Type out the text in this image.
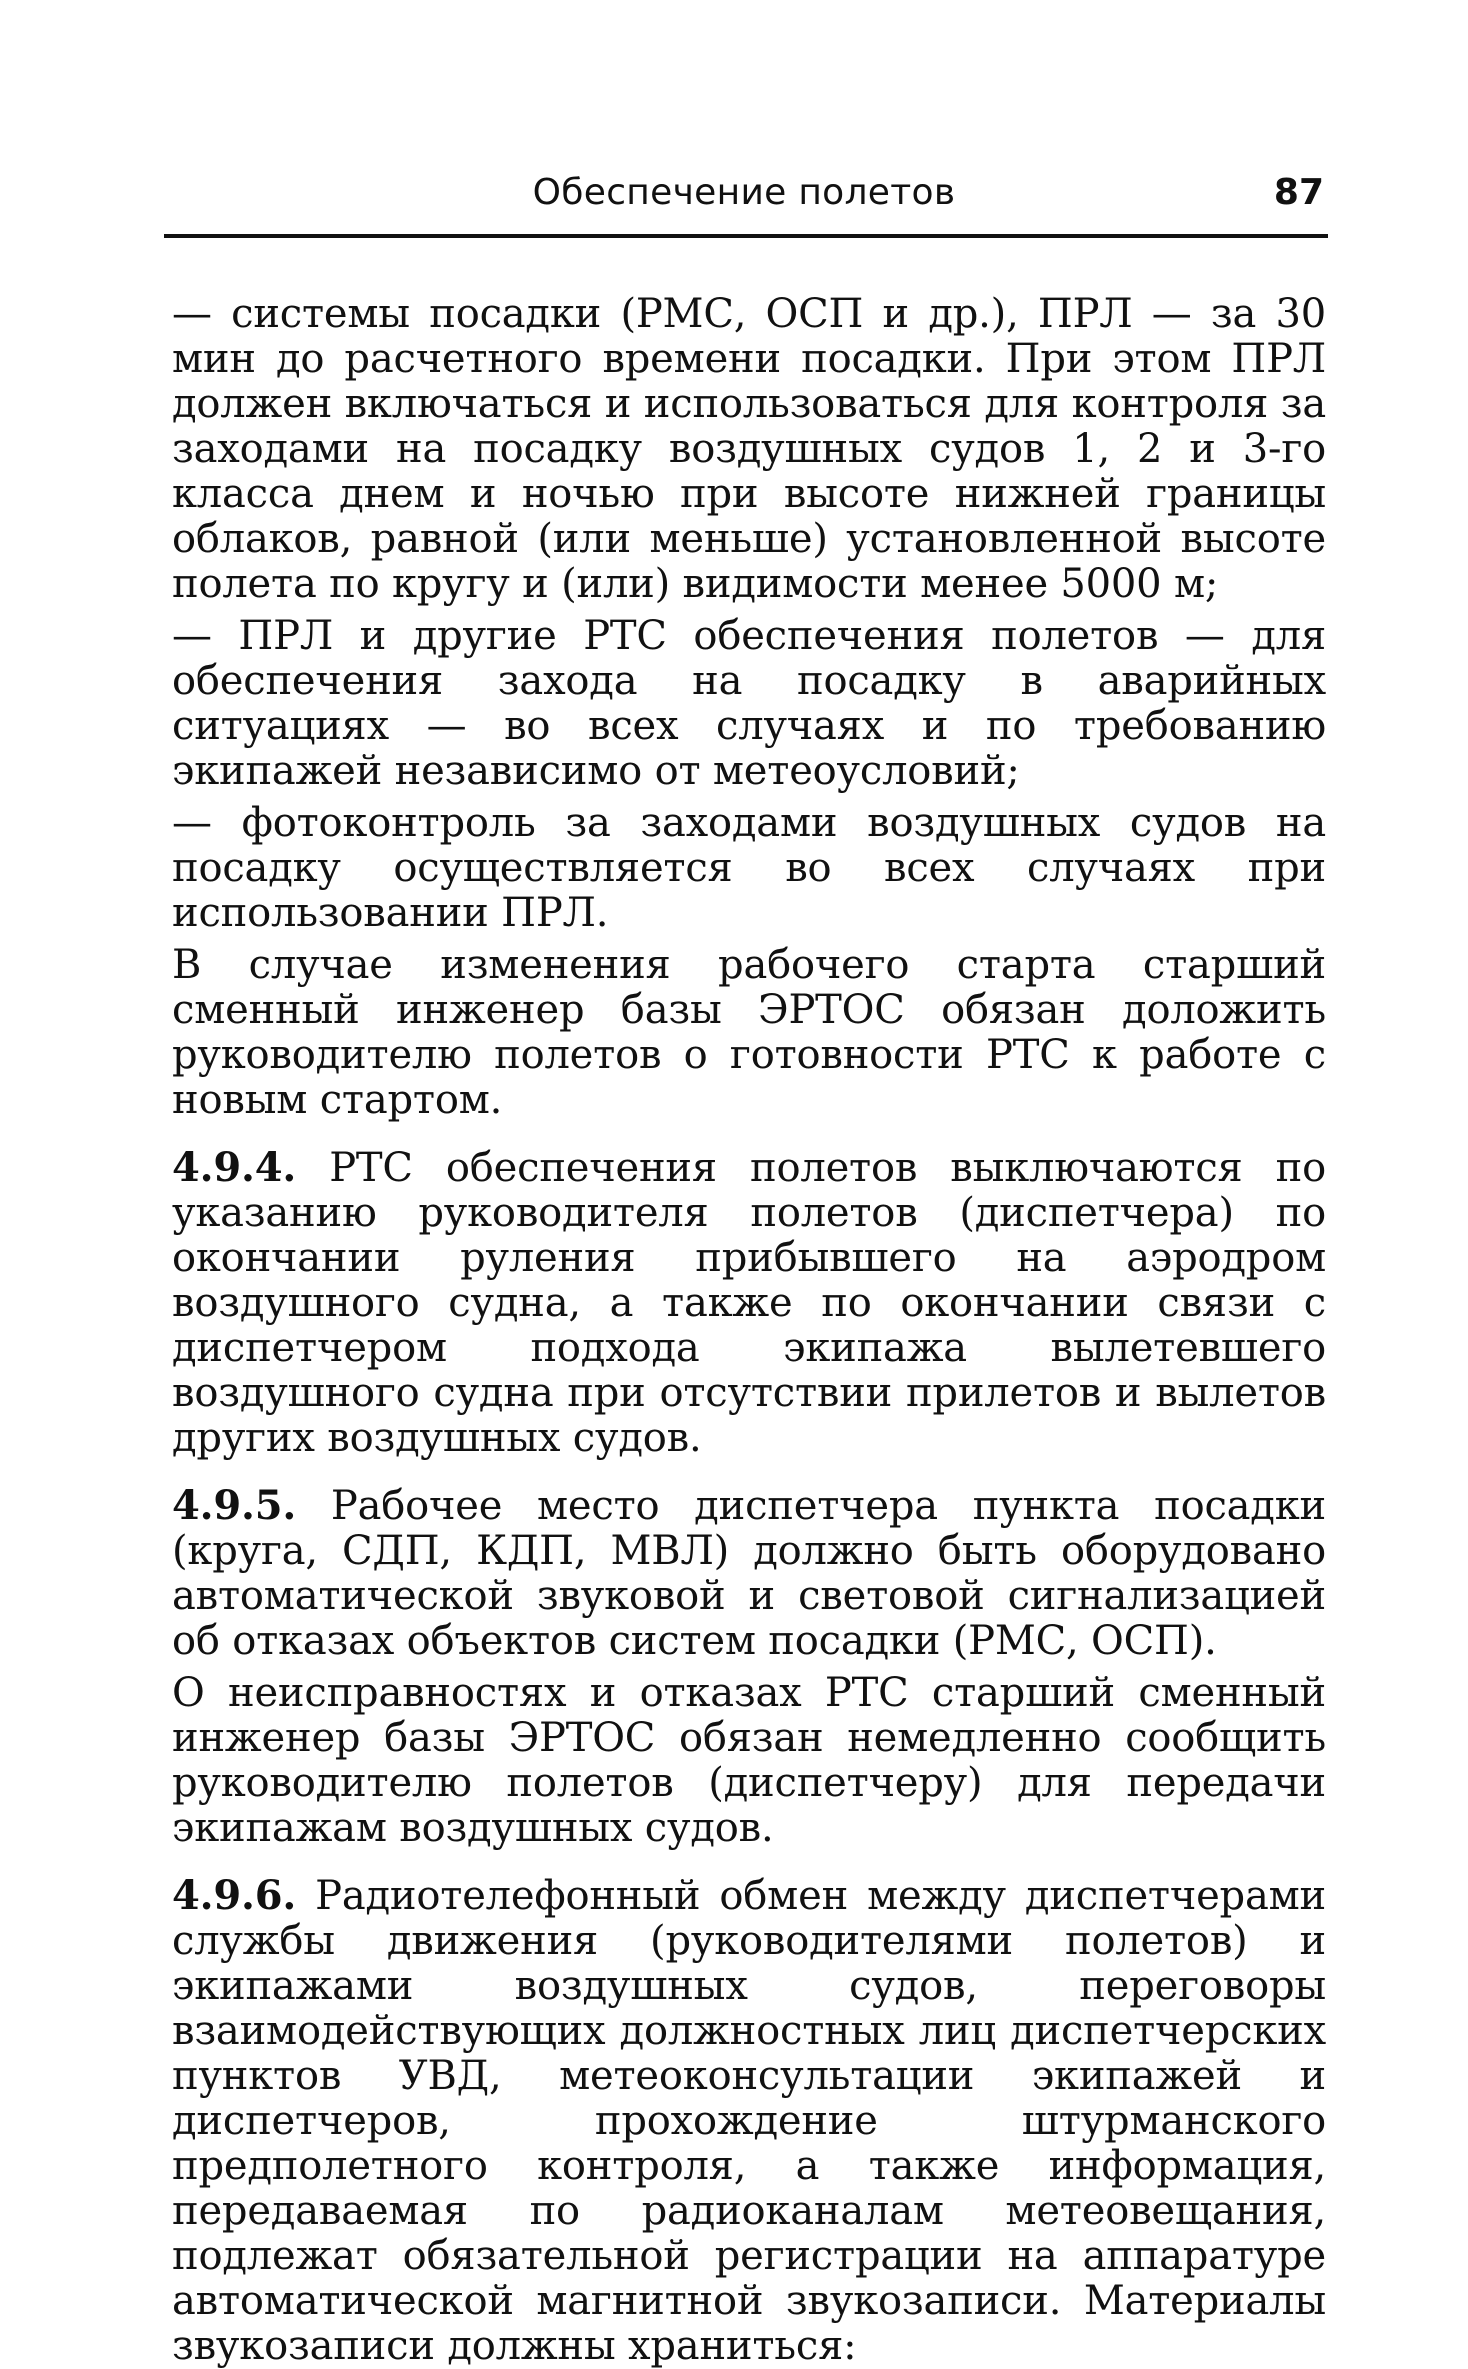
Обеспечение полетов	87

— системы посадки (РМС, ОСП и др.), ПРЛ — за 30 мин до расчетного времени посадки. При этом ПРЛ должен включаться и использоваться для контроля за заходами на посадку воздушных судов 1, 2 и 3-го класса днем и ночью при высоте нижней границы облаков, равной (или меньше) установленной высоте полета по кругу и (или) видимости менее 5000 м;

— ПРЛ и другие РТС обеспечения полетов — для обеспечения захода на посадку в аварийных ситуациях — во всех случаях и по требованию экипажей независимо от метеоусловий;

— фотоконтроль за заходами воздушных судов на посадку осуществляется во всех случаях при использовании ПРЛ.

В случае изменения рабочего старта старший сменный инженер базы ЭРТОС обязан доложить руководителю полетов о готовности РТС к работе с новым стартом.

4.9.4. РТС обеспечения полетов выключаются по указанию руководителя полетов (диспетчера) по окончании руления прибывшего на аэродром воздушного судна, а также по окончании связи с диспетчером подхода экипажа вылетевшего воздушного судна при отсутствии прилетов и вылетов других воздушных судов.

4.9.5. Рабочее место диспетчера пункта посадки (круга, СДП, КДП, МВЛ) должно быть оборудовано автоматической звуковой и световой сигнализацией об отказах объектов систем посадки (РМС, ОСП).

О неисправностях и отказах РТС старший сменный инженер базы ЭРТОС обязан немедленно сообщить руководителю полетов (диспетчеру) для передачи экипажам воздушных судов.

4.9.6. Радиотелефонный обмен между диспетчерами службы движения (руководителями полетов) и экипажами воздушных судов, переговоры взаимодействующих должностных лиц диспетчерских пунктов УВД, метеоконсультации экипажей и диспетчеров, прохождение штурманского предполетного контроля, а также информация, передаваемая по радиоканалам метеовещания, подлежат обязательной регистрации на аппаратуре автоматической магнитной звукозаписи. Материалы звукозаписи должны храниться:
